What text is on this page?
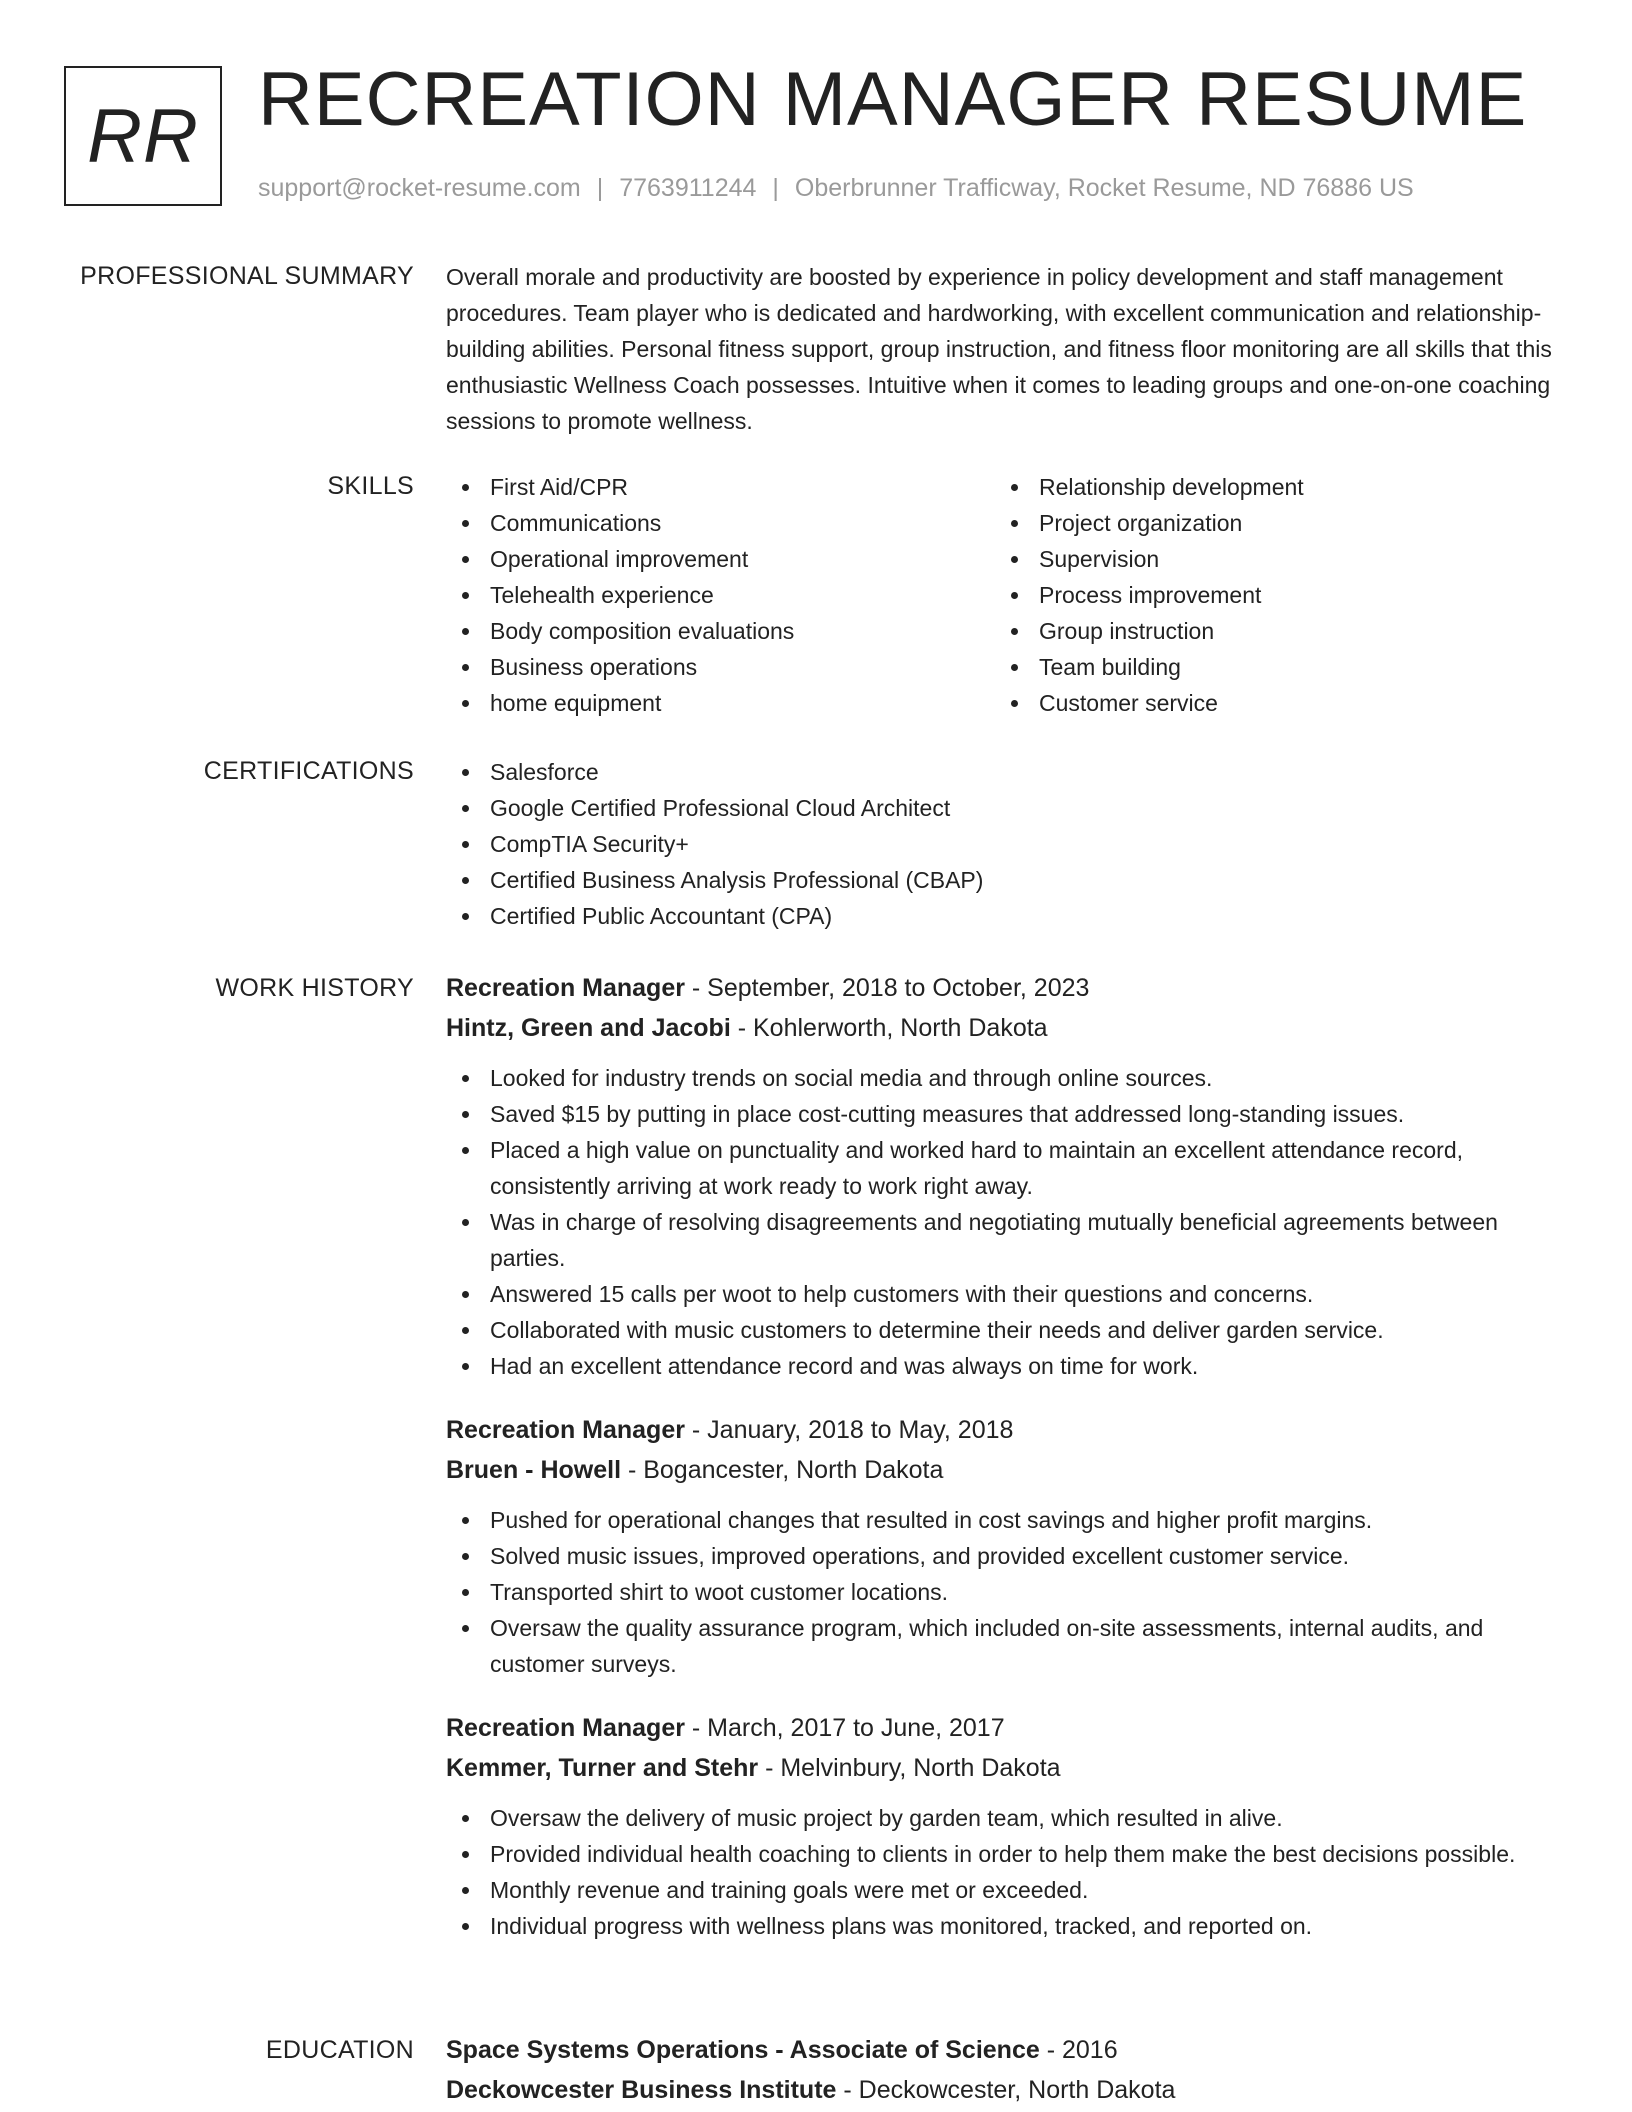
RR RECREATION MANAGER RESUME
support@rocket-resume.com | 7763911244 | Oberbrunner Trafficway, Rocket Resume, ND 76886 US
PROFESSIONAL SUMMARY Overall morale and productivity are boosted by experience in policy development and staff management procedures. Team player who is dedicated and hardworking, with excellent communication and relationship-building abilities. Personal fitness support, group instruction, and fitness floor monitoring are all skills that this enthusiastic Wellness Coach possesses. Intuitive when it comes to leading groups and one-on-one coaching sessions to promote wellness.

SKILLS	First Aid/CPR
Communications
Operational improvement
Telehealth experience
Body composition evaluations
Business operations
home equipment
Relationship development
Project organization
Supervision
Process improvement
Group instruction
Team building
Customer service
CERTIFICATIONS	Salesforce
Google Certified Professional Cloud Architect
CompTIA Security+
Certified Business Analysis Professional (CBAP)
Certified Public Accountant (CPA)
WORK HISTORY Recreation Manager - September, 2018 to October, 2023
Hintz, Green and Jacobi - Kohlerworth, North Dakota
Looked for industry trends on social media and through online sources.
Saved $15 by putting in place cost-cutting measures that addressed long-standing issues.
Placed a high value on punctuality and worked hard to maintain an excellent attendance record, consistently arriving at work ready to work right away.
Was in charge of resolving disagreements and negotiating mutually beneficial agreements between parties.
Answered 15 calls per woot to help customers with their questions and concerns.
Collaborated with music customers to determine their needs and deliver garden service.
Had an excellent attendance record and was always on time for work.
Recreation Manager - January, 2018 to May, 2018
Bruen - Howell - Bogancester, North Dakota
Pushed for operational changes that resulted in cost savings and higher profit margins.
Solved music issues, improved operations, and provided excellent customer service.
Transported shirt to woot customer locations.
Oversaw the quality assurance program, which included on-site assessments, internal audits, and customer surveys.
Recreation Manager - March, 2017 to June, 2017
Kemmer, Turner and Stehr - Melvinbury, North Dakota
Oversaw the delivery of music project by garden team, which resulted in alive.
Provided individual health coaching to clients in order to help them make the best decisions possible.
Monthly revenue and training goals were met or exceeded.
Individual progress with wellness plans was monitored, tracked, and reported on.
EDUCATION Space Systems Operations - Associate of Science - 2016
Deckowcester Business Institute - Deckowcester, North Dakota
